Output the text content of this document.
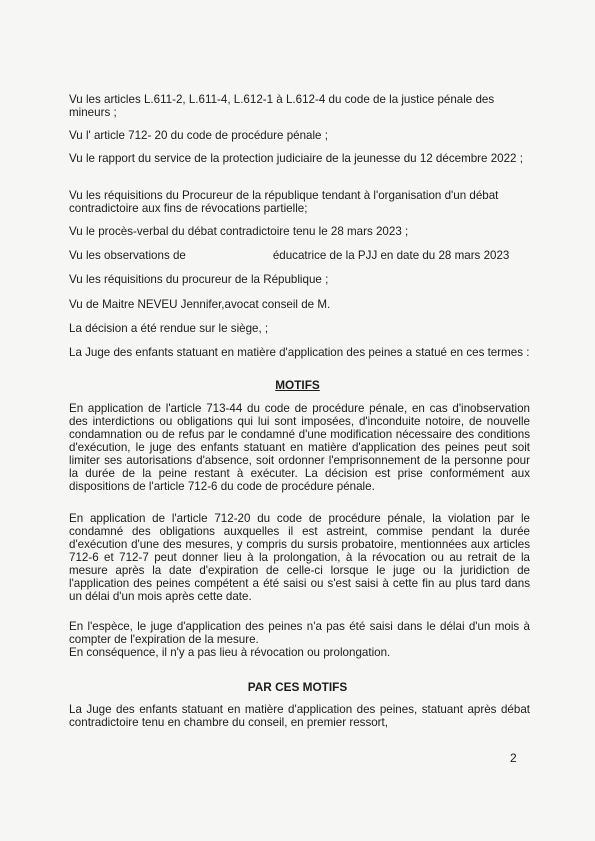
Vu les articles L.611-2, L.611-4, L.612-1 à L.612-4 du code de la justice pénale des mineurs ;

Vu l' article 712- 20 du code de procédure pénale ;

Vu le rapport du service de la protection judiciaire de la jeunesse du 12 décembre 2022 ;

Vu les réquisitions du Procureur de la république tendant à l'organisation d'un débat contradictoire aux fins de révocations partielle;

Vu le procès-verbal du débat contradictoire tenu le 28 mars 2023 ;

Vu les observations de                           éducatrice de la PJJ en date du 28 mars 2023

Vu les réquisitions du procureur de la République ;

Vu de Maitre NEVEU Jennifer,avocat conseil de M.

La décision a été rendue sur le siège, ;

La Juge des enfants statuant en matière d'application des peines a statué en ces termes :

MOTIFS

En application de l'article 713-44 du code de procédure pénale, en cas d'inobservation des interdictions ou obligations qui lui sont imposées, d'inconduite notoire, de nouvelle condamnation ou de refus par le condamné d'une modification nécessaire des conditions d'exécution, le juge des enfants statuant en matière d'application des peines peut soit limiter ses autorisations d'absence, soit ordonner l'emprisonnement de la personne pour la durée de la peine restant à exécuter. La décision est prise conformément aux dispositions de l'article 712-6 du code de procédure pénale.

En application de l'article 712-20 du code de procédure pénale, la violation par le condamné des obligations auxquelles il est astreint, commise pendant la durée d'exécution d'une des mesures, y compris du sursis probatoire, mentionnées aux articles 712-6 et 712-7 peut donner lieu à la prolongation, à la révocation ou au retrait de la mesure après la date d'expiration de celle-ci lorsque le juge ou la juridiction de l'application des peines compétent a été saisi ou s'est saisi à cette fin au plus tard dans un délai d'un mois après cette date.

En l'espèce, le juge d'application des peines n'a pas été saisi dans le délai d'un mois à compter de l'expiration de la mesure.

En conséquence, il n'y a pas lieu à révocation ou prolongation.

PAR CES MOTIFS

La Juge des enfants statuant en matière d'application des peines, statuant après débat contradictoire tenu en chambre du conseil, en premier ressort,

2
